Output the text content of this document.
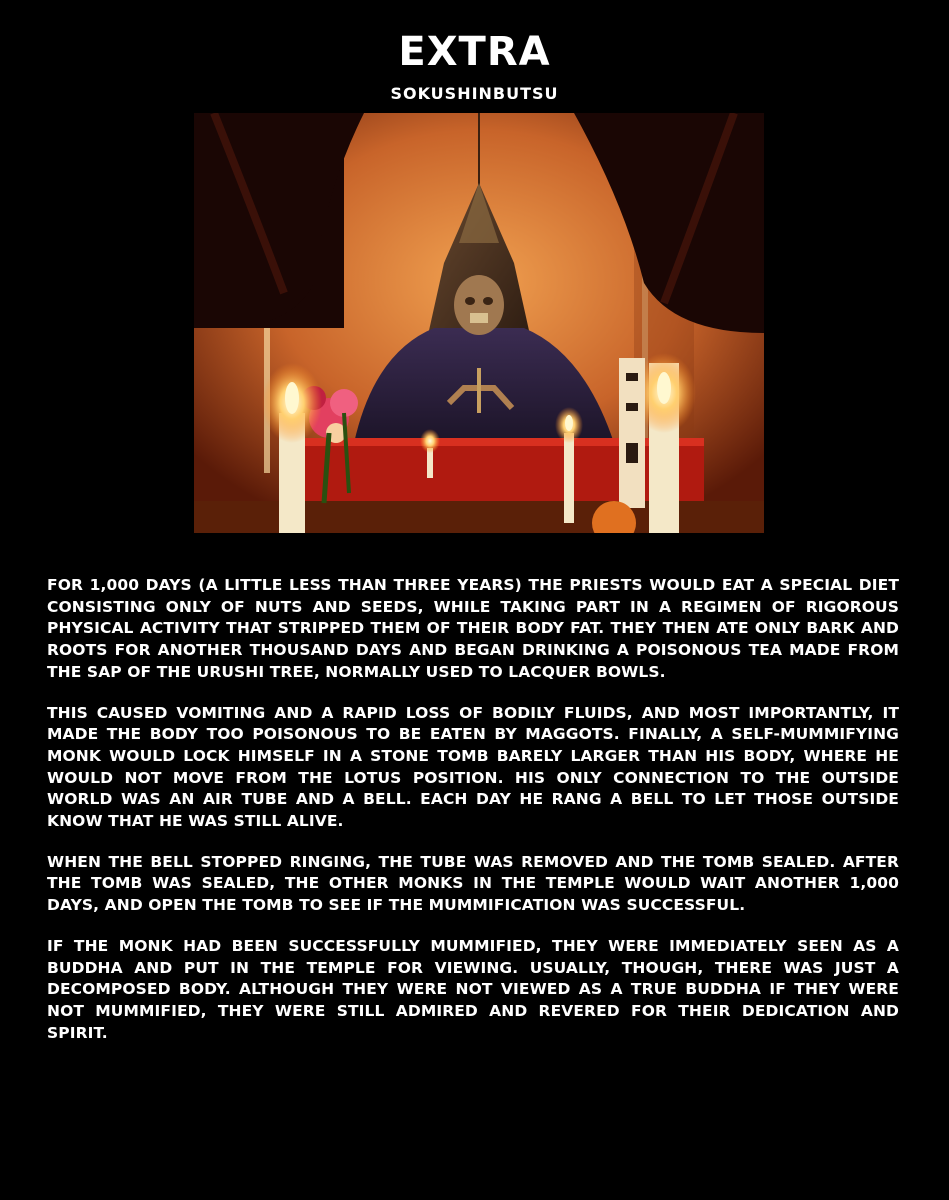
EXTRA
SOKUSHINBUTSU

FOR 1,000 DAYS (A LITTLE LESS THAN THREE YEARS) THE PRIESTS WOULD EAT A SPECIAL DIET CONSISTING ONLY OF NUTS AND SEEDS, WHILE TAKING PART IN A REGIMEN OF RIGOROUS PHYSICAL ACTIVITY THAT STRIPPED THEM OF THEIR BODY FAT. THEY THEN ATE ONLY BARK AND ROOTS FOR ANOTHER THOUSAND DAYS AND BEGAN DRINKING A POISONOUS TEA MADE FROM THE SAP OF THE URUSHI TREE, NORMALLY USED TO LACQUER BOWLS.

THIS CAUSED VOMITING AND A RAPID LOSS OF BODILY FLUIDS, AND MOST IMPORTANTLY, IT MADE THE BODY TOO POISONOUS TO BE EATEN BY MAGGOTS. FINALLY, A SELF-MUMMIFYING MONK WOULD LOCK HIMSELF IN A STONE TOMB BARELY LARGER THAN HIS BODY, WHERE HE WOULD NOT MOVE FROM THE LOTUS POSITION. HIS ONLY CONNECTION TO THE OUTSIDE WORLD WAS AN AIR TUBE AND A BELL. EACH DAY HE RANG A BELL TO LET THOSE OUTSIDE KNOW THAT HE WAS STILL ALIVE.

WHEN THE BELL STOPPED RINGING, THE TUBE WAS REMOVED AND THE TOMB SEALED. AFTER THE TOMB WAS SEALED, THE OTHER MONKS IN THE TEMPLE WOULD WAIT ANOTHER 1,000 DAYS, AND OPEN THE TOMB TO SEE IF THE MUMMIFICATION WAS SUCCESSFUL.

IF THE MONK HAD BEEN SUCCESSFULLY MUMMIFIED, THEY WERE IMMEDIATELY SEEN AS A BUDDHA AND PUT IN THE TEMPLE FOR VIEWING. USUALLY, THOUGH, THERE WAS JUST A DECOMPOSED BODY. ALTHOUGH THEY WERE NOT VIEWED AS A TRUE BUDDHA IF THEY WERE NOT MUMMIFIED, THEY WERE STILL ADMIRED AND REVERED FOR THEIR DEDICATION AND SPIRIT.
